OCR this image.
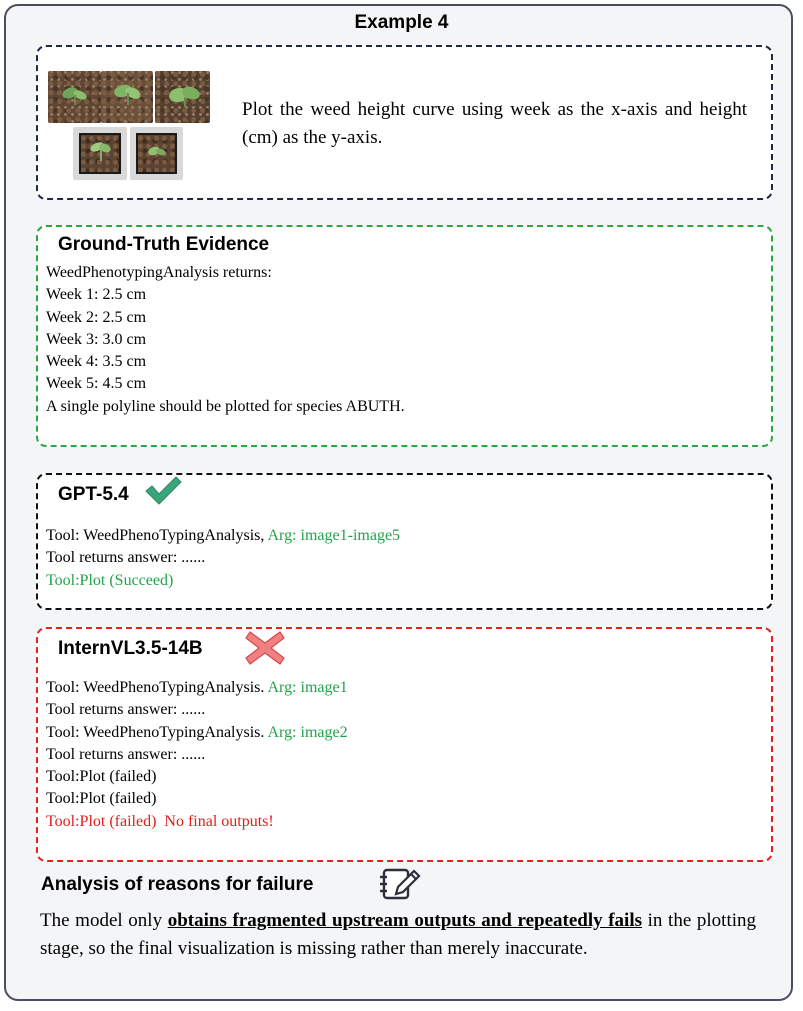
Example 4
Plot the weed height curve using week as the x-axis and height (cm) as the y-axis.
Ground-Truth Evidence
WeedPhenotypingAnalysis returns:
Week 1: 2.5 cm
Week 2: 2.5 cm
Week 3: 3.0 cm
Week 4: 3.5 cm
Week 5: 4.5 cm
A single polyline should be plotted for species ABUTH.
GPT-5.4
Tool: WeedPhenoTypingAnalysis, Arg: image1-image5
Tool returns answer: ......
Tool:Plot (Succeed)
InternVL3.5-14B
Tool: WeedPhenoTypingAnalysis. Arg: image1
Tool returns answer: ......
Tool: WeedPhenoTypingAnalysis. Arg: image2
Tool returns answer: ......
Tool:Plot (failed)
Tool:Plot (failed)
Tool:Plot (failed)  No final outputs!
Analysis of reasons for failure
The model only obtains fragmented upstream outputs and repeatedly fails in the plotting stage, so the final visualization is missing rather than merely inaccurate.
